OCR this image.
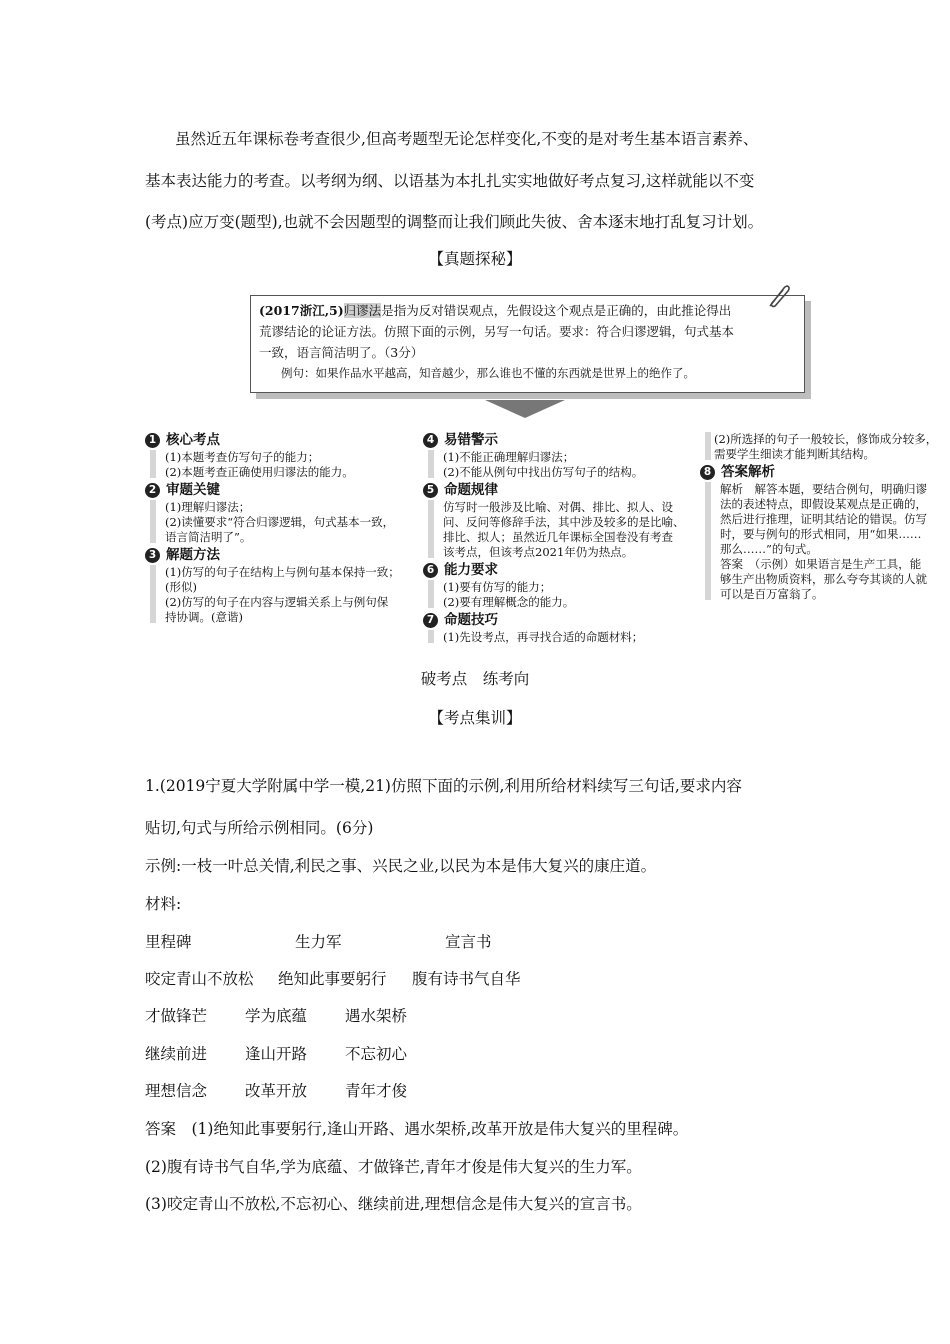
虽然近五年课标卷考查很少,但高考题型无论怎样变化,不变的是对考生基本语言素养、
基本表达能力的考查。以考纲为纲、以语基为本扎扎实实地做好考点复习,这样就能以不变
(考点)应万变(题型),也就不会因题型的调整而让我们顾此失彼、舍本逐末地打乱复习计划。
【真题探秘】
(2017浙江,5)归谬法是指为反对错误观点，先假设这个观点是正确的，由此推论得出
荒谬结论的论证方法。仿照下面的示例，另写一句话。要求：符合归谬逻辑，句式基本
一致，语言简洁明了。（3分）
例句：如果作品水平越高，知音越少，那么谁也不懂的东西就是世界上的绝作了。
1 核心考点
(1)本题考查仿写句子的能力；
(2)本题考查正确使用归谬法的能力。
2 审题关键
(1)理解归谬法；
(2)读懂要求“符合归谬逻辑，句式基本一致，
语言简洁明了”。
3 解题方法
(1)仿写的句子在结构上与例句基本保持一致；
(形似)
(2)仿写的句子在内容与逻辑关系上与例句保
持协调。(意谐)
4 易错警示
(1)不能正确理解归谬法；
(2)不能从例句中找出仿写句子的结构。
5 命题规律
仿写时一般涉及比喻、对偶、排比、拟人、设
问、反问等修辞手法，其中涉及较多的是比喻、
排比、拟人；虽然近几年课标全国卷没有考查
该考点，但该考点2021年仍为热点。
6 能力要求
(1)要有仿写的能力；
(2)要有理解概念的能力。
7 命题技巧
(1)先设考点，再寻找合适的命题材料；
(2)所选择的句子一般较长，修饰成分较多，
需要学生细读才能判断其结构。
8 答案解析
解析　解答本题，要结合例句，明确归谬
法的表述特点，即假设某观点是正确的，
然后进行推理，证明其结论的错误。仿写
时，要与例句的形式相同，用“如果……
那么……”的句式。
答案　（示例）如果语言是生产工具，能
够生产出物质资料，那么夸夸其谈的人就
可以是百万富翁了。
破考点　练考向
【考点集训】
1.(2019宁夏大学附属中学一模,21)仿照下面的示例,利用所给材料续写三句话,要求内容
贴切,句式与所给示例相同。(6分)
示例:一枝一叶总关情,利民之事、兴民之业,以民为本是伟大复兴的康庄道。
材料:
里程碑	生力军	宣言书
咬定青山不放松 绝知此事要躬行 腹有诗书气自华
才做锋芒 学为底蕴 遇水架桥
继续前进 逢山开路 不忘初心
理想信念 改革开放 青年才俊
答案　(1)绝知此事要躬行,逢山开路、遇水架桥,改革开放是伟大复兴的里程碑。
(2)腹有诗书气自华,学为底蕴、才做锋芒,青年才俊是伟大复兴的生力军。
(3)咬定青山不放松,不忘初心、继续前进,理想信念是伟大复兴的宣言书。
